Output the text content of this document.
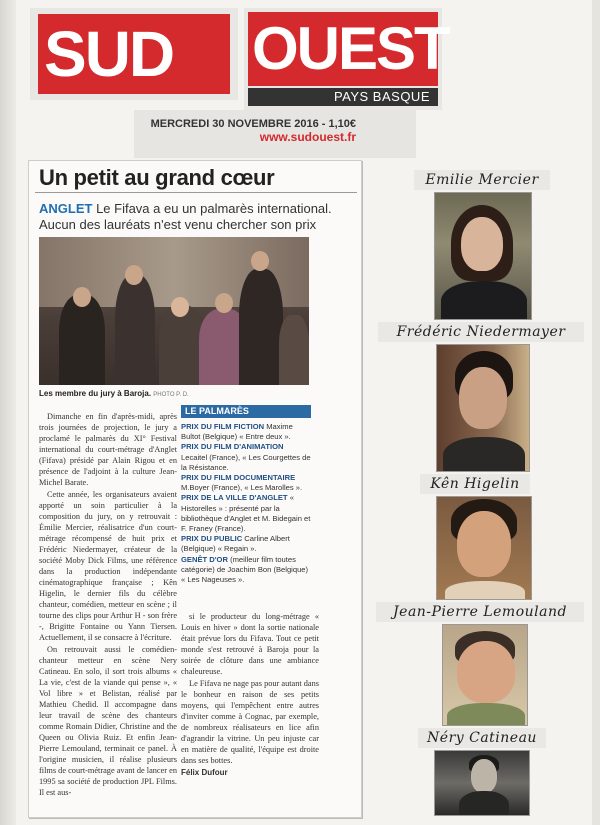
SUD	OUEST
PAYS BASQUE
MERCREDI 30 NOVEMBRE 2016 - 1,10€
www.sudouest.fr
Un petit au grand cœur
ANGLET Le Fifava a eu un palmarès international. Aucun des lauréats n'est venu chercher son prix
Les membre du jury à Baroja. PHOTO P. D.

Dimanche en fin d'après-midi, après trois journées de projection, le jury a proclamé le palmarès du XI° Festival international du court-métrage d'Anglet (Fifava) présidé par Alain Rigou et en présence de l'adjoint à la culture Jean-Michel Barate.

Cette année, les organisateurs avaient apporté un soin particulier à la composition du jury, on y retrouvait : Émilie Mercier, réalisatrice d'un court-métrage récompensé de huit prix et Frédéric Niedermayer, créateur de la société Moby Dick Films, une référence dans la production indépendante cinématographique française ; Kên Higelin, le dernier fils du célèbre chanteur, comédien, metteur en scène ; il tourne des clips pour Arthur H - son frère -, Brigitte Fontaine ou Yann Tiersen. Actuellement, il se consacre à l'écriture.

On retrouvait aussi le comédien-chanteur metteur en scène Nery Catineau. En solo, il sort trois albums « La vie, c'est de la viande qui pense », « Vol libre » et Belistan, réalisé par Mathieu Chedid. Il accompagne dans leur travail de scène des chanteurs comme Romain Didier, Christine and the Queen ou Olivia Ruiz. Et enfin Jean-Pierre Lemouland, terminait ce panel. À l'origine musicien, il réalise plusieurs films de court-métrage avant de lancer en 1995 sa société de production JPL Films. Il est aus-

LE PALMARÈS
PRIX DU FILM FICTION Maxime Bultot (Belgique) « Entre deux ».
PRIX DU FILM D'ANIMATION Lecaitel (France), « Les Courgettes de la Résistance.
PRIX DU FILM DOCUMENTAIRE M.Boyer (France), « Les Marolles ».
PRIX DE LA VILLE D'ANGLET « Historelles » : présenté par la bibliothèque d'Anglet et M. Bidegain et F. Franey (France).
PRIX DU PUBLIC Carline Albert (Belgique) « Regain ».
GENÊT D'OR (meilleur film toutes catégorie) de Joachim Bon (Belgique) « Les Nageuses ».

si le producteur du long-métrage « Louis en hiver » dont la sortie nationale était prévue lors du Fifava. Tout ce petit monde s'est retrouvé à Baroja pour la soirée de clôture dans une ambiance chaleureuse.

Le Fifava ne nage pas pour autant dans le bonheur en raison de ses petits moyens, qui l'empêchent entre autres d'inviter comme à Cognac, par exemple, de nombreux réalisateurs en lice afin d'agrandir la vitrine. Un peu injuste car en matière de qualité, l'équipe est droite dans ses bottes.

Félix Dufour

Emilie Mercier
Frédéric Niedermayer
Kên Higelin
Jean-Pierre Lemouland
Néry Catineau
